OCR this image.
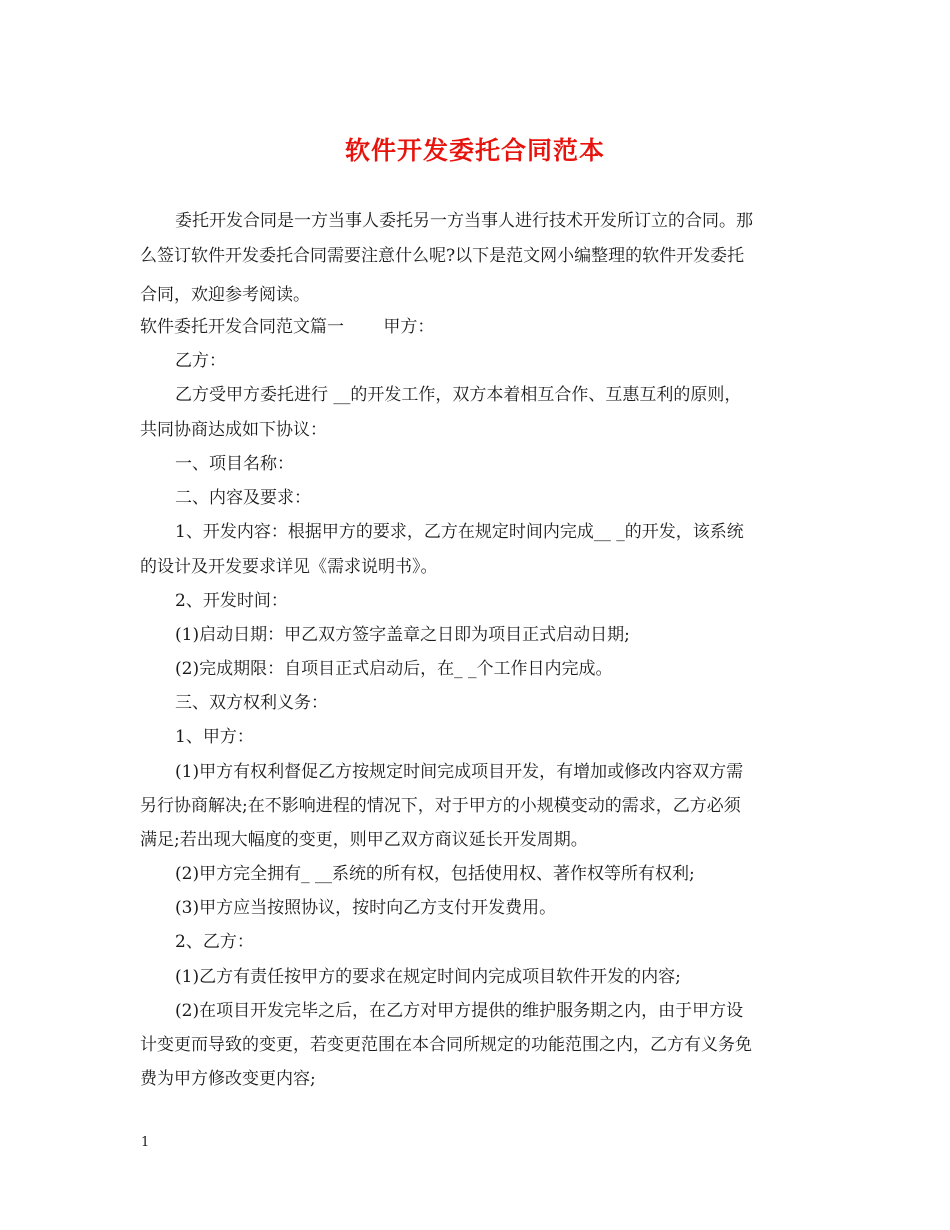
软件开发委托合同范本
委托开发合同是一方当事人委托另一方当事人进行技术开发所订立的合同。那
么签订软件开发委托合同需要注意什么呢?以下是范文网小编整理的软件开发委托
合同，欢迎参考阅读。
软件委托开发合同范文篇一　　 甲方：
乙方：
乙方受甲方委托进行 __的开发工作，双方本着相互合作、互惠互利的原则，
共同协商达成如下协议：
一、项目名称：
二、内容及要求：
1、开发内容：根据甲方的要求，乙方在规定时间内完成__ _的开发，该系统
的设计及开发要求详见《需求说明书》。
2、开发时间：
(1)启动日期：甲乙双方签字盖章之日即为项目正式启动日期;
(2)完成期限：自项目正式启动后，在_ _个工作日内完成。
三、双方权利义务：
1、甲方：
(1)甲方有权利督促乙方按规定时间完成项目开发，有增加或修改内容双方需
另行协商解决;在不影响进程的情况下，对于甲方的小规模变动的需求，乙方必须
满足;若出现大幅度的变更，则甲乙双方商议延长开发周期。
(2)甲方完全拥有_ __系统的所有权，包括使用权、著作权等所有权利;
(3)甲方应当按照协议，按时向乙方支付开发费用。
2、乙方：
(1)乙方有责任按甲方的要求在规定时间内完成项目软件开发的内容;
(2)在项目开发完毕之后，在乙方对甲方提供的维护服务期之内，由于甲方设
计变更而导致的变更，若变更范围在本合同所规定的功能范围之内，乙方有义务免
费为甲方修改变更内容;
1
